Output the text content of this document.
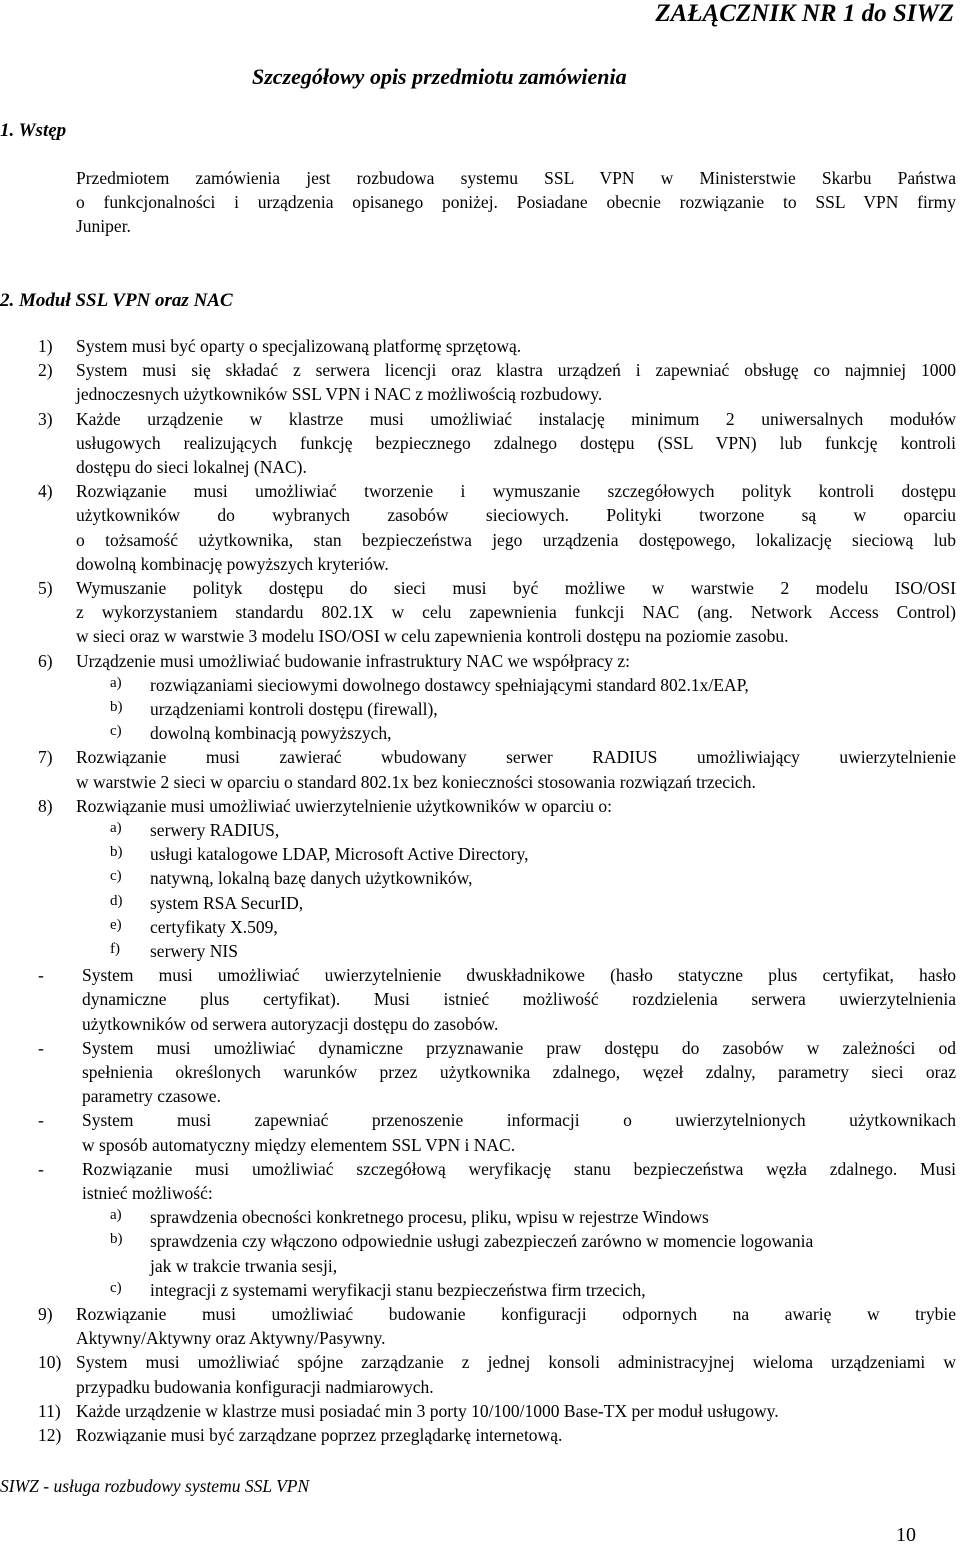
ZAŁĄCZNIK NR 1 do SIWZ
Szczegółowy opis przedmiotu zamówienia
1. Wstęp
SIWZ - usługa rozbudowy systemu SSL VPN
10
Przedmiotem zamówienia jest rozbudowa systemu SSL VPN w Ministerstwie Skarbu Państwa
o funkcjonalności i urządzenia opisanego poniżej. Posiadane obecnie rozwiązanie to SSL VPN firmy
Juniper.
2. Moduł SSL VPN oraz NAC
1) System musi być oparty o specjalizowaną platformę sprzętową.
2) System musi się składać z serwera licencji oraz klastra urządzeń i zapewniać obsługę co najmniej 1000
jednoczesnych użytkowników SSL VPN i NAC z możliwością rozbudowy.
3) Każde urządzenie w klastrze musi umożliwiać instalację minimum 2 uniwersalnych modułów
usługowych realizujących funkcję bezpiecznego zdalnego dostępu (SSL VPN) lub funkcję kontroli
dostępu do sieci lokalnej (NAC).
4) Rozwiązanie musi umożliwiać tworzenie i wymuszanie szczegółowych polityk kontroli dostępu
użytkowników do wybranych zasobów sieciowych. Polityki tworzone są w oparciu
o tożsamość użytkownika, stan bezpieczeństwa jego urządzenia dostępowego, lokalizację sieciową lub
dowolną kombinację powyższych kryteriów.
5) Wymuszanie polityk dostępu do sieci musi być możliwe w warstwie 2 modelu ISO/OSI
z wykorzystaniem standardu 802.1X w celu zapewnienia funkcji NAC (ang. Network Access Control)
w sieci oraz w warstwie 3 modelu ISO/OSI w celu zapewnienia kontroli dostępu na poziomie zasobu.
6) Urządzenie musi umożliwiać budowanie infrastruktury NAC we współpracy z:
a) rozwiązaniami sieciowymi dowolnego dostawcy spełniającymi standard 802.1x/EAP,
b) urządzeniami kontroli dostępu (firewall),
c) dowolną kombinacją powyższych,
7) Rozwiązanie musi zawierać wbudowany serwer RADIUS umożliwiający uwierzytelnienie
w warstwie 2 sieci w oparciu o standard 802.1x bez konieczności stosowania rozwiązań trzecich.
8) Rozwiązanie musi umożliwiać uwierzytelnienie użytkowników w oparciu o:
a) serwery RADIUS,
b) usługi katalogowe LDAP, Microsoft Active Directory,
c) natywną, lokalną bazę danych użytkowników,
d) system RSA SecurID,
e) certyfikaty X.509,
f) serwery NIS
- System musi umożliwiać uwierzytelnienie dwuskładnikowe (hasło statyczne plus certyfikat, hasło
dynamiczne plus certyfikat). Musi istnieć możliwość rozdzielenia serwera uwierzytelnienia
użytkowników od serwera autoryzacji dostępu do zasobów.
- System musi umożliwiać dynamiczne przyznawanie praw dostępu do zasobów w zależności od
spełnienia określonych warunków przez użytkownika zdalnego, węzeł zdalny, parametry sieci oraz
parametry czasowe.
- System musi zapewniać przenoszenie informacji o uwierzytelnionych użytkownikach
w sposób automatyczny między elementem SSL VPN i NAC.
- Rozwiązanie musi umożliwiać szczegółową weryfikację stanu bezpieczeństwa węzła zdalnego. Musi
istnieć możliwość:
a) sprawdzenia obecności konkretnego procesu, pliku, wpisu w rejestrze Windows
b) sprawdzenia czy włączono odpowiednie usługi zabezpieczeń zarówno w momencie logowania
jak w trakcie trwania sesji,
c) integracji z systemami weryfikacji stanu bezpieczeństwa firm trzecich,
9) Rozwiązanie musi umożliwiać budowanie konfiguracji odpornych na awarię w trybie
Aktywny/Aktywny oraz Aktywny/Pasywny.
10) System musi umożliwiać spójne zarządzanie z jednej konsoli administracyjnej wieloma urządzeniami w
przypadku budowania konfiguracji nadmiarowych.
11) Każde urządzenie w klastrze musi posiadać min 3 porty 10/100/1000 Base-TX per moduł usługowy.
12) Rozwiązanie musi być zarządzane poprzez przeglądarkę internetową.
